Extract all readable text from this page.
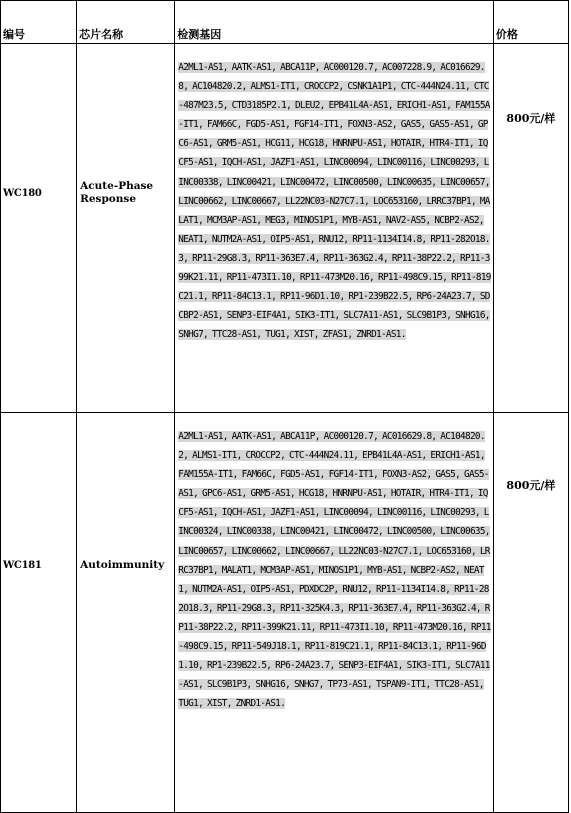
编号	芯片名称	检测基因	价格
WC180	Acute-Phase Response	A2ML1-AS1, AATK-AS1, ABCA11P, AC000120.7, AC007228.9, AC016629.8, AC104820.2, ALMS1-IT1, CROCCP2, CSNK1A1P1, CTC-444N24.11, CTC-487M23.5, CTD3185P2.1, DLEU2, EPB41L4A-AS1, ERICH1-AS1, FAM155A-IT1, FAM66C, FGD5-AS1, FGF14-IT1, FOXN3-AS2, GAS5, GAS5-AS1, GPC6-AS1, GRM5-AS1, HCG11, HCG18, HNRNPU-AS1, HOTAIR, HTR4-IT1, IQCF5-AS1, IQCH-AS1, JAZF1-AS1, LINC00094, LINC00116, LINC00293, LINC00338, LINC00421, LINC00472, LINC00500, LINC00635, LINC00657, LINC00662, LINC00667, LL22NC03-N27C7.1, LOC653160, LRRC37BP1, MALAT1, MCM3AP-AS1, MEG3, MINOS1P1, MYB-AS1, NAV2-AS5, NCBP2-AS2, NEAT1, NUTM2A-AS1, OIP5-AS1, RNU12, RP11-1134I14.8, RP11-282O18.3, RP11-29G8.3, RP11-363E7.4, RP11-363G2.4, RP11-38P22.2, RP11-399K21.11, RP11-473I1.10, RP11-473M20.16, RP11-498C9.15, RP11-819C21.1, RP11-84C13.1, RP11-96D1.10, RP1-239B22.5, RP6-24A23.7, SDCBP2-AS1, SENP3-EIF4A1, SIK3-IT1, SLC7A11-AS1, SLC9B1P3, SNHG16, SNHG7, TTC28-AS1, TUG1, XIST, ZFAS1, ZNRD1-AS1.	800元/样
WC181	Autoimmunity	A2ML1-AS1, AATK-AS1, ABCA11P, AC000120.7, AC016629.8, AC104820.2, ALMS1-IT1, CROCCP2, CTC-444N24.11, EPB41L4A-AS1, ERICH1-AS1, FAM155A-IT1, FAM66C, FGD5-AS1, FGF14-IT1, FOXN3-AS2, GAS5, GAS5-AS1, GPC6-AS1, GRM5-AS1, HCG18, HNRNPU-AS1, HOTAIR, HTR4-IT1, IQCF5-AS1, IQCH-AS1, JAZF1-AS1, LINC00094, LINC00116, LINC00293, LINC00324, LINC00338, LINC00421, LINC00472, LINC00500, LINC00635, LINC00657, LINC00662, LINC00667, LL22NC03-N27C7.1, LOC653160, LRRC37BP1, MALAT1, MCM3AP-AS1, MINOS1P1, MYB-AS1, NCBP2-AS2, NEAT1, NUTM2A-AS1, OIP5-AS1, PDXDC2P, RNU12, RP11-1134I14.8, RP11-282O18.3, RP11-29G8.3, RP11-325K4.3, RP11-363E7.4, RP11-363G2.4, RP11-38P22.2, RP11-399K21.11, RP11-473I1.10, RP11-473M20.16, RP11-498C9.15, RP11-549J18.1, RP11-819C21.1, RP11-84C13.1, RP11-96D1.10, RP1-239B22.5, RP6-24A23.7, SENP3-EIF4A1, SIK3-IT1, SLC7A11-AS1, SLC9B1P3, SNHG16, SNHG7, TP73-AS1, TSPAN9-IT1, TTC28-AS1, TUG1, XIST, ZNRD1-AS1.	800元/样
